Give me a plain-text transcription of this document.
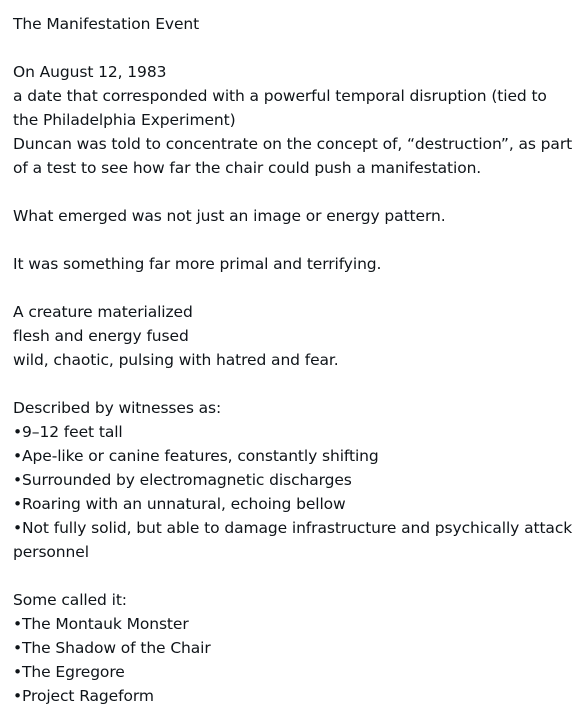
The Manifestation Event
On August 12, 1983
a date that corresponded with a powerful temporal disruption (tied to
the Philadelphia Experiment)
Duncan was told to concentrate on the concept of, “destruction”, as part
of a test to see how far the chair could push a manifestation.
What emerged was not just an image or energy pattern.
It was something far more primal and terrifying.
A creature materialized
flesh and energy fused
wild, chaotic, pulsing with hatred and fear.
Described by witnesses as:
•9–12 feet tall
•Ape-like or canine features, constantly shifting
•Surrounded by electromagnetic discharges
•Roaring with an unnatural, echoing bellow
•Not fully solid, but able to damage infrastructure and psychically attack
personnel
Some called it:
•The Montauk Monster
•The Shadow of the Chair
•The Egregore
•Project Rageform
